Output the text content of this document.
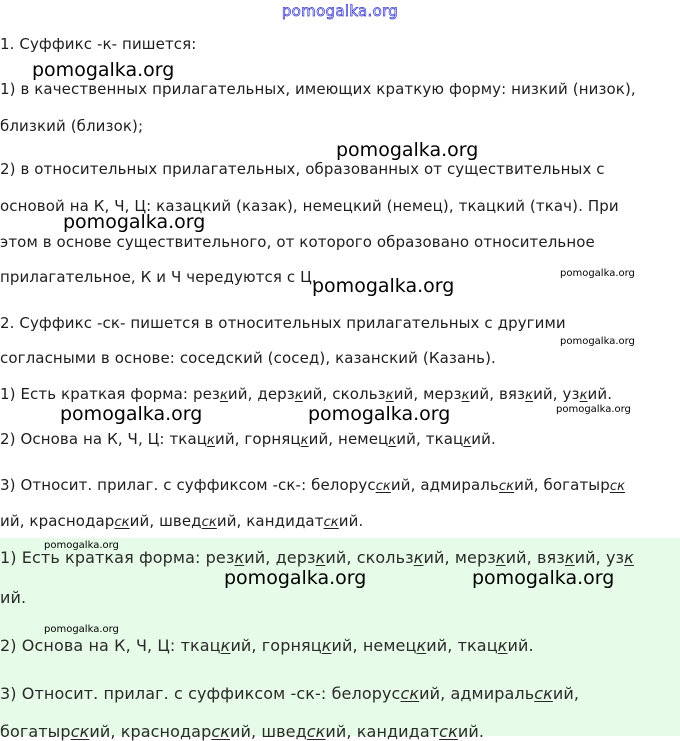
pomogalka.org
1. Суффикс -к- пишется:
1) в качественных прилагательных, имеющих краткую форму: низкий (низок),
близкий (близок);
2) в относительных прилагательных, образованных от существительных с
основой на К, Ч, Ц: казацкий (казак), немецкий (немец), ткацкий (ткач). При
этом в основе существительного, от которого образовано относительное
прилагательное, К и Ч чередуются с Ц.
2. Суффикс -ск- пишется в относительных прилагательных с другими
согласными в основе: соседский (сосед), казанский (Казань).
1) Есть краткая форма: резкий, дерзкий, скользкий, мерзкий, вязкий, узкий.
2) Основа на К, Ч, Ц: ткацкий, горняцкий, немецкий, ткацкий.
3) Относит. прилаг. с суффиксом -ск-: белорусский, адмиральский, богатырск
ий, краснодарский, шведский, кандидатский.
1) Есть краткая форма: резкий, дерзкий, скользкий, мерзкий, вязкий, узк
ий.
2) Основа на К, Ч, Ц: ткацкий, горняцкий, немецкий, ткацкий.
3) Относит. прилаг. с суффиксом -ск-: белорусский, адмиральский,
богатырский, краснодарский, шведский, кандидатский.
pomogalka.org
pomogalka.org
pomogalka.org
pomogalka.org
pomogalka.org	pomogalka.org
pomogalka.org	pomogalka.org
pomogalka.org
pomogalka.org
pomogalka.org
pomogalka.org
pomogalka.org
